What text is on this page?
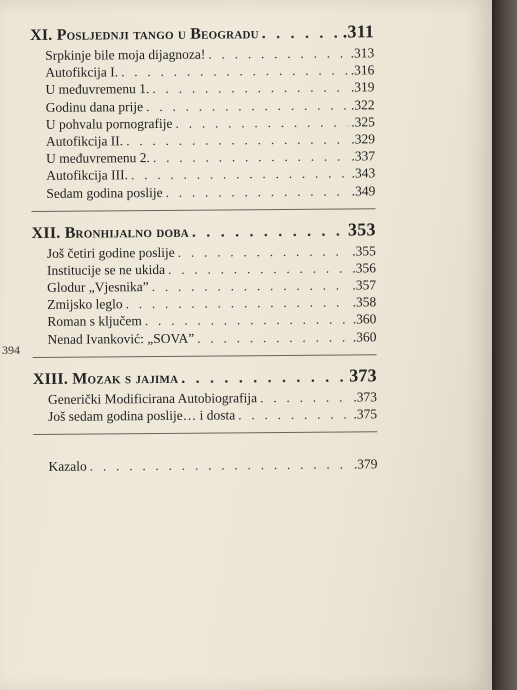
XI. Posljednji tango u Beogradu . . .	.311
Srpkinje bile moja dijagnoza! . . .	.313
Autofikcija I. . . .	.316
U međuvremenu 1. . . .	.319
Godinu dana prije . . .	.322
U pohvalu pornografije . . .	.325
Autofikcija II. . . .	.329
U međuvremenu 2. . . .	.337
Autofikcija III. . . .	.343
Sedam godina poslije . . .	.349
XII. Bronhijalno doba . . .	353
Još četiri godine poslije . . .	.355
Institucije se ne ukida . . .	.356
Glodur „Vjesnika” . . .	.357
Zmijsko leglo . . .	.358
Roman s ključem . . .	.360
Nenad Ivanković: „SOVA” . . .	.360
XIII. Mozak s jajima . . .	373
Generički Modificirana Autobiografija . . .	.373
Još sedam godina poslije… i dosta . . .	.375
Kazalo . . .	.379
394
